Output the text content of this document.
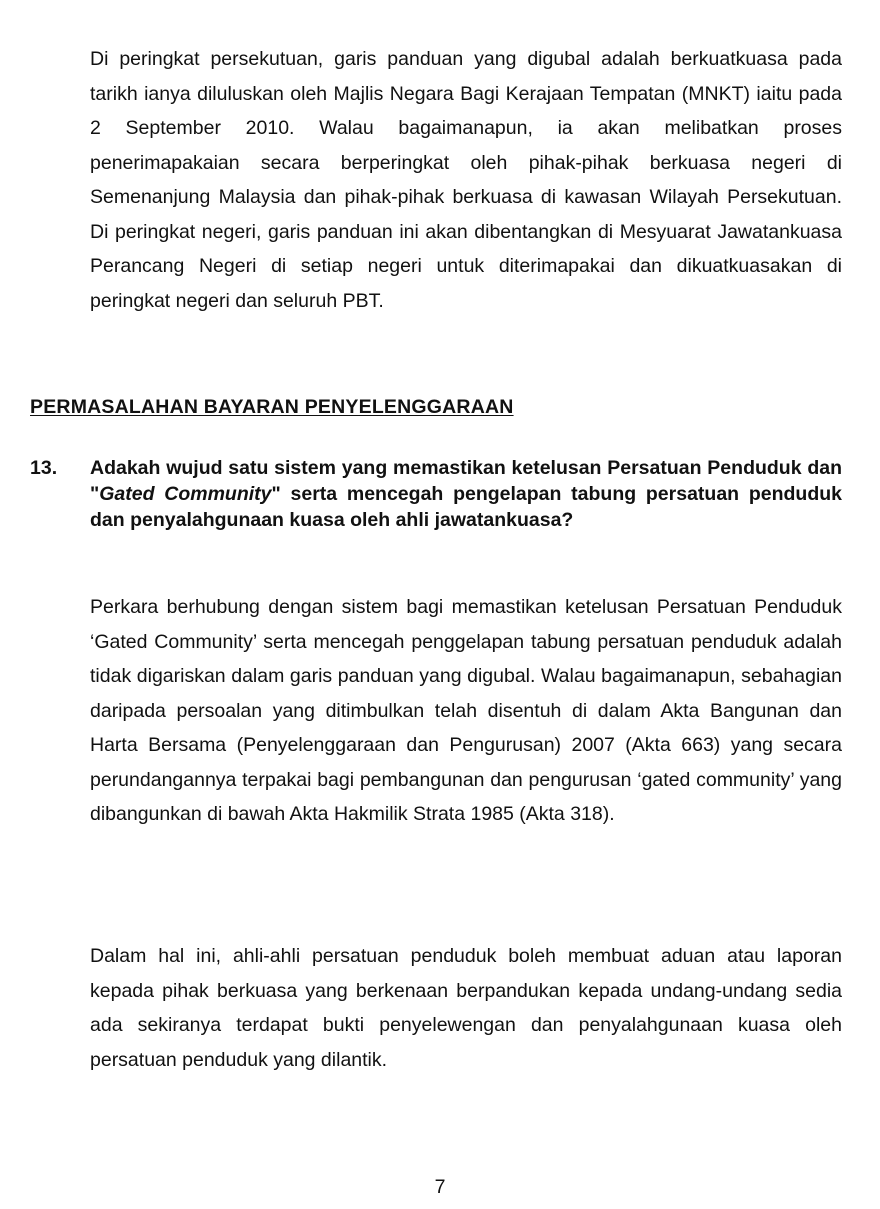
Di peringkat persekutuan, garis panduan yang digubal adalah berkuatkuasa pada tarikh ianya diluluskan oleh Majlis Negara Bagi Kerajaan Tempatan (MNKT) iaitu pada 2 September 2010. Walau bagaimanapun, ia akan melibatkan proses penerimapakaian secara berperingkat oleh pihak-pihak berkuasa negeri di Semenanjung Malaysia dan pihak-pihak berkuasa di kawasan Wilayah Persekutuan. Di peringkat negeri, garis panduan ini akan dibentangkan di Mesyuarat Jawatankuasa Perancang Negeri di setiap negeri untuk diterimapakai dan dikuatkuasakan di peringkat negeri dan seluruh PBT.

PERMASALAHAN BAYARAN PENYELENGGARAAN

13. Adakah wujud satu sistem yang memastikan ketelusan Persatuan Penduduk dan "Gated Community" serta mencegah pengelapan tabung persatuan penduduk dan penyalahgunaan kuasa oleh ahli jawatankuasa?

Perkara berhubung dengan sistem bagi memastikan ketelusan Persatuan Penduduk ‘Gated Community’ serta mencegah penggelapan tabung persatuan penduduk adalah tidak digariskan dalam garis panduan yang digubal. Walau bagaimanapun, sebahagian daripada persoalan yang ditimbulkan telah disentuh di dalam Akta Bangunan dan Harta Bersama (Penyelenggaraan dan Pengurusan) 2007 (Akta 663) yang secara perundangannya terpakai bagi pembangunan dan pengurusan ‘gated community’ yang dibangunkan di bawah Akta Hakmilik Strata 1985 (Akta 318).

Dalam hal ini, ahli-ahli persatuan penduduk boleh membuat aduan atau laporan kepada pihak berkuasa yang berkenaan berpandukan kepada undang-undang sedia ada sekiranya terdapat bukti penyelewengan dan penyalahgunaan kuasa oleh persatuan penduduk yang dilantik.

7
